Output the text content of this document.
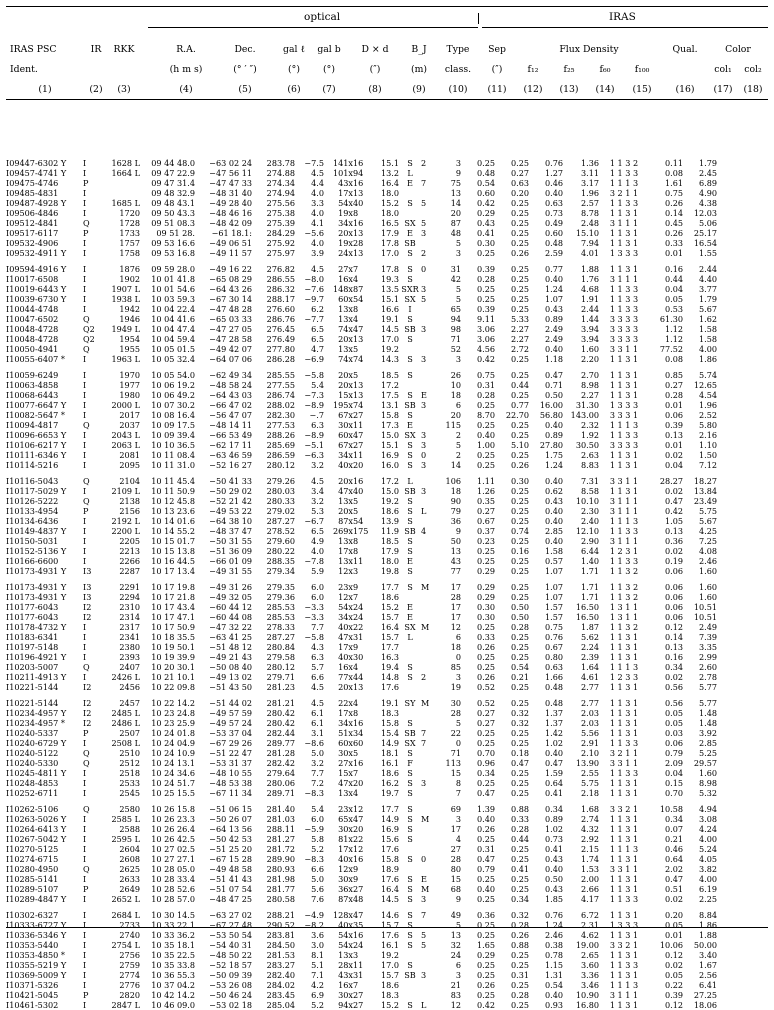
optical	IRAS
IRAS PSC	IR	RKK	R.A.	Dec.	gal ℓ	gal b	D × d	B_J	Type	Sep	Flux Density	Qual.	Color
Ident.	(h m s)	(° ′ ″)	(°)	(°)	(″)	(m)	class.	(″)	f₁₂	f₂₅	f₆₀	f₁₀₀	col₁	col₂
(1)	(2)	(3)	(4)	(5)	(6)	(7)	(8)	(9)	(10)	(11)	(12)	(13)	(14)	(15)	(16)	(17)	(18)
I09447-6302 Y	I	1628 L	09 44 48.0	−63 02 24	283.78	−7.5	141x	16	15.1	S	2	3	0.25	0.25	0.76	1.36	1 1 3 2	0.11	1.79
I09457-4741 Y	I	1664 L	09 47 22.9	−47 56 11	274.88	4.5	101x	94	13.2	L		9	0.48	0.27	1.27	3.11	1 1 3 3	0.08	2.45
I09475-4746	P		09 47 31.4	−47 47 33	274.34	4.4	43x	16	16.4	E	7	75	0.54	0.63	0.46	3.17	1 1 1 3	1.61	6.89
I09485-4831	I		09 48 32.9	−48 31 40	274.94	4.0	17x	13	18.0			13	0.60	0.20	0.40	1.96	3 2 1 1	0.75	4.90
I09487-4928 Y	I	1685 L	09 48 43.1	−49 28 40	275.56	3.3	54x	40	15.2	S	5	14	0.42	0.25	0.63	2.57	1 1 3 3	0.26	4.38
I09506-4846	I	1720	09 50 43.3	−48 46 16	275.38	4.0	19x	8	18.0			20	0.29	0.25	0.73	8.78	1 1 3 1	0.14	12.03
I09512-4841	Q	1728	09 51 08.3	−48 42 09	275.39	4.1	34x	16	16.5	SX	5	87	0.43	0.25	0.49	2.48	3 1 1 1	0.45	5.06
I09517-6117	P	1733	09 51 28.	−61 18.1:	284.29	−5.6	20x	13	17.9	E	3	48	0.41	0.25	0.60	15.10	1 1 3 1	0.26	25.17
I09532-4906	I	1757	09 53 16.6	−49 06 51	275.92	4.0	19x	28	17.8	SB		5	0.30	0.25	0.48	7.94	1 1 3 1	0.33	16.54
I09532-4911 Y	I	1758	09 53 16.8	−49 11 57	275.97	3.9	24x	13	17.0	S	2	3	0.25	0.26	2.59	4.01	1 3 3 3	0.01	1.55

I09594-4916 Y	I	1876	09 59 28.0	−49 16 22	276.82	4.5	27x	7	17.8	S	0	31	0.39	0.25	0.77	1.88	1 1 3 1	0.16	2.44
I10017-6508	I	1902	10 01 41.8	−65 08 29	286.55	−8.0	16x	4	19.3	S		42	0.28	0.25	0.40	1.76	3 1 1 1	0.44	4.40
I10019-6443 Y	I	1907 L	10 01 54.6	−64 43 26	286.32	−7.6	148x	87	13.5	SXR	3	5	0.25	0.25	1.24	4.68	1 1 3 3	0.04	3.77
I10039-6730 Y	I	1938 L	10 03 59.3	−67 30 14	288.17	−9.7	60x	54	15.1	SX	5	5	0.25	0.25	1.07	1.91	1 1 3 3	0.05	1.79
I10044-4748	I	1942	10 04 22.4	−47 48 28	276.60	6.2	13x	8	16.6	I		65	0.39	0.25	0.43	2.44	1 1 3 3	0.53	5.67
I10047-6502	Q	1946	10 04 41.6	−65 03 33	286.76	−7.7	13x	4	19.1	S		94	9.11	5.33	0.89	1.44	3 3 3 3	61.30	1.62
I10048-4728	Q2	1949 L	10 04 47.4	−47 27 05	276.45	6.5	74x	47	14.5	SB	3	98	3.06	2.27	2.49	3.94	3 3 3 3	1.12	1.58
I10048-4728	Q2	1954	10 04 59.4	−47 28 58	276.49	6.5	20x	13	17.0	S		71	3.06	2.27	2.49	3.94	3 3 3 3	1.12	1.58
I10050-4941	Q	1955	10 05 01.5	−49 42 07	277.80	4.7	13x	5	19.2			52	4.56	2.72	0.40	1.60	3 3 1 1	77.52	4.00
I10055-6407 *	I	1963 L	10 05 32.4	−64 07 06	286.28	−6.9	74x	74	14.3	S	3	3	0.42	0.25	1.18	2.20	1 1 3 1	0.08	1.86

I10059-6249	I	1970	10 05 54.0	−62 49 34	285.55	−5.8	20x	5	18.5	S		26	0.75	0.25	0.47	2.70	1 1 3 1	0.85	5.74
I10063-4858	I	1977	10 06 19.2	−48 58 24	277.55	5.4	20x	13	17.2			10	0.31	0.44	0.71	8.98	1 1 3 1	0.27	12.65
I10068-6443	I	1980	10 06 49.2	−64 43 03	286.74	−7.3	15x	13	17.5	S	E	18	0.28	0.25	0.50	2.27	1 1 3 1	0.28	4.54
I10077-6647 Y	I	2000 L	10 07 30.2	−66 47 02	288.02	−8.9	195x	74	13.1	SB	3	6	0.25	0.77	16.00	31.30	1 3 3 3	0.01	1.96
I10082-5647 *	I	2017	10 08 16.4	−56 47 07	282.30	−.7	67x	27	15.8	S		20	8.70	22.70	56.80	143.00	3 3 3 1	0.06	2.52
I10094-4817	Q	2037	10 09 17.5	−48 14 11	277.53	6.3	30x	11	17.3	E		115	0.25	0.25	0.40	2.32	1 1 1 3	0.39	5.80
I10096-6653 Y	I	2043 L	10 09 39.4	−66 53 49	288.26	−8.9	60x	47	15.0	SX	3	2	0.40	0.25	0.89	1.92	1 1 3 3	0.13	2.16
I10106-6217 Y	I	2063 L	10 10 36.5	−62 17 11	285.69	−5.1	67x	27	15.1	S	3	5	1.00	5.10	27.80	30.50	3 3 3 3	0.01	1.10
I10111-6346 Y	I	2081	10 11 08.4	−63 46 59	286.59	−6.3	34x	11	16.9	S	0	2	0.25	0.25	1.75	2.63	1 1 3 1	0.02	1.50
I10114-5216	I	2095	10 11 31.0	−52 16 27	280.12	3.2	40x	20	16.0	S	3	14	0.25	0.26	1.24	8.83	1 1 3 1	0.04	7.12

I10116-5043	Q	2104	10 11 45.4	−50 41 33	279.26	4.5	20x	16	17.2	L		106	1.11	0.30	0.40	7.31	3 3 1 1	28.27	18.27
I10117-5029 Y	I	2109 L	10 11 50.9	−50 29 02	280.03	3.4	47x	40	15.0	SB	3	18	1.26	0.25	0.62	8.58	1 1 3 1	0.02	13.84
I10126-5222	Q	2138	10 12 45.8	−52 21 42	280.33	3.2	13x	5	19.2	S		90	0.35	0.25	0.43	10.10	3 1 1 1	0.47	23.49
I10133-4954	P	2156	10 13 23.6	−49 53 22	279.02	5.3	20x	5	18.6	S	L	79	0.27	0.25	0.40	2.30	3 1 1 1	0.42	5.75
I10134-6436	I	2192 L	10 14 01.6	−64 38 10	287.27	−6.7	87x	54	13.9	S		36	0.67	0.25	0.40	2.40	1 1 1 3	1.05	5.67
I10149-4837 Y	I	2200 L	10 14 55.2	−48 37 47	278.52	6.5	269x	175	11.9	SB	4	9	0.37	0.74	2.85	12.10	1 1 3 3	0.13	4.25
I10150-5031	I	2205	10 15 01.7	−50 31 55	279.60	4.9	13x	8	18.5	S		50	0.23	0.25	0.40	2.90	3 1 1 1	0.36	7.25
I10152-5136 Y	I	2213	10 15 13.8	−51 36 09	280.22	4.0	17x	8	17.9	S		13	0.25	0.16	1.58	6.44	1 2 3 1	0.02	4.08
I10166-6600	I	2266	10 16 44.5	−66 01 09	288.35	−7.8	13x	11	18.0	E		43	0.25	0.25	0.57	1.40	1 1 3 3	0.19	2.46
I10173-4931 Y	I3	2287	10 17 13.4	−49 31 55	279.34	5.9	12x	3	19.8	S		77	0.29	0.25	1.07	1.71	1 1 3 2	0.06	1.60

I10173-4931 Y	I3	2291	10 17 19.8	−49 31 26	279.35	6.0	23x	9	17.7	S	M	17	0.29	0.25	1.07	1.71	1 1 3 2	0.06	1.60
I10173-4931 Y	I3	2294	10 17 21.8	−49 32 05	279.36	6.0	12x	7	18.6			28	0.29	0.25	1.07	1.71	1 1 3 2	0.06	1.60
I10177-6043	I2	2310	10 17 43.4	−60 44 12	285.53	−3.3	54x	24	15.2	E		17	0.30	0.50	1.57	16.50	1 3 1 1	0.06	10.51
I10177-6043	I2	2314	10 17 47.1	−60 44 08	285.53	−3.3	34x	24	15.7	E		17	0.30	0.50	1.57	16.50	1 3 1 1	0.06	10.51
I10178-4732 Y	I	2317	10 17 50.9	−47 32 22	278.33	7.7	40x	22	16.4	SX	M	12	0.25	0.28	0.75	1.87	1 1 3 2	0.12	2.49
I10183-6341	I	2341	10 18 35.5	−63 41 25	287.27	−5.8	47x	31	15.7	L		6	0.33	0.25	0.76	5.62	1 1 3 1	0.14	7.39
I10197-5148	I	2380	10 19 50.1	−51 48 12	280.84	4.3	17x	9	17.7			18	0.26	0.25	0.67	2.24	1 1 3 1	0.13	3.35
I10196-4921 Y	I	2393	10 19 39.9	−49 21 43	279.58	6.3	40x	30	16.3			0	0.25	0.25	0.80	2.39	1 1 3 1	0.16	2.99
I10203-5007	Q	2407	10 20 30.1	−50 08 40	280.12	5.7	16x	4	19.4	S		85	0.25	0.54	0.63	1.64	1 1 1 3	0.34	2.60
I10211-4913 Y	I	2426 L	10 21 10.1	−49 13 02	279.71	6.6	77x	44	14.8	S	2	3	0.26	0.21	1.66	4.61	1 2 3 3	0.02	2.78
I10221-5144	I2	2456	10 22 09.8	−51 43 50	281.23	4.5	20x	13	17.6			19	0.52	0.25	0.48	2.77	1 1 3 1	0.56	5.77

I10221-5144	I2	2457	10 22 14.2	−51 44 02	281.21	4.5	22x	4	19.1	SY	M	30	0.52	0.25	0.48	2.77	1 1 3 1	0.56	5.77
I10234-4957 Y	I2	2485 L	10 23 24.8	−49 57 59	280.42	6.1	17x	8	18.3			28	0.27	0.32	1.37	2.03	1 1 3 1	0.05	1.48
I10234-4957 *	I2	2486 L	10 23 25.9	−49 57 24	280.42	6.1	34x	16	15.8	S		5	0.27	0.32	1.37	2.03	1 1 3 1	0.05	1.48
I10240-5337	P	2507	10 24 01.8	−53 37 04	282.44	3.1	51x	34	15.4	SB	7	22	0.25	0.25	1.42	5.56	1 1 3 1	0.03	3.92
I10240-6729 Y	I	2508 L	10 24 04.9	−67 29 26	289.77	−8.6	60x	60	14.9	SX	7	0	0.25	0.25	1.02	2.91	1 1 3 3	0.06	2.85
I10240-5122	Q	2510	10 24 10.9	−51 22 47	281.28	5.0	30x	5	18.1	S		71	0.70	0.18	0.40	2.10	3 2 1 1	0.79	5.25
I10240-5330	Q	2512	10 24 13.1	−53 31 37	282.42	3.2	27x	16	16.1	F		113	0.96	0.47	0.47	13.90	3 3 1 1	2.09	29.57
I10245-4811 Y	I	2518	10 24 34.6	−48 10 55	279.64	7.7	15x	7	18.6	S		15	0.34	0.25	1.59	2.55	1 1 3 3	0.04	1.60
I10248-4853	I	2533	10 24 51.7	−48 53 38	280.06	7.2	47x	20	16.2	S	3	8	0.25	0.25	0.64	5.75	1 1 3 1	0.15	8.98
I10252-6711	I	2545	10 25 15.5	−67 11 34	289.71	−8.3	13x	4	19.7	S		7	0.47	0.25	0.41	2.18	1 1 3 1	0.70	5.32

I10262-5106	Q	2580	10 26 15.8	−51 06 15	281.40	5.4	23x	12	17.7	S		69	1.39	0.88	0.34	1.68	3 3 2 1	10.58	4.94
I10263-5026 Y	I	2585 L	10 26 23.3	−50 26 07	281.03	6.0	65x	47	14.9	S	M	3	0.40	0.33	0.89	2.74	1 1 3 1	0.34	3.08
I10264-6413 Y	I	2588	10 26 26.4	−64 13 56	288.11	−5.9	30x	20	16.9	S		17	0.26	0.28	1.02	4.32	1 1 3 1	0.07	4.24
I10267-5042 Y	I	2595 L	10 26 42.5	−50 42 53	281.27	5.8	81x	22	15.6	S		4	0.25	0.44	0.73	2.92	1 1 3 1	0.21	4.00
I10270-5125	I	2604	10 27 02.5	−51 25 20	281.72	5.2	17x	12	17.6			27	0.31	0.25	0.41	2.15	1 1 1 3	0.46	5.24
I10274-6715	I	2608	10 27 27.1	−67 15 28	289.90	−8.3	40x	16	15.8	S	0	28	0.47	0.25	0.43	1.74	1 1 3 1	0.64	4.05
I10280-4950	Q	2625	10 28 05.0	−49 48 58	280.93	6.6	12x	9	18.9			80	0.79	0.41	0.40	1.53	3 3 1 1	2.02	3.82
I10285-5141	I	2633	10 28 33.4	−51 41 43	281.98	5.0	30x	9	17.6	S	E	15	0.25	0.25	0.50	2.00	1 1 3 1	0.47	4.00
I10289-5107	P	2649	10 28 52.6	−51 07 54	281.77	5.6	36x	27	16.4	S	M	68	0.40	0.25	0.43	2.66	1 1 3 1	0.51	6.19
I10289-4847 Y	I	2652 L	10 28 57.0	−48 47 25	280.58	7.6	87x	48	14.5	S	3	9	0.25	0.34	1.85	4.17	1 1 3 3	0.02	2.25

I10302-6327	I	2684 L	10 30 14.5	−63 27 02	288.21	−4.9	128x	47	14.6	S	7	49	0.36	0.32	0.76	6.72	1 1 3 1	0.20	8.84
I10333-6727 Y	I	2733	10 33 22.1	−67 27 48	290.52	−8.2	40x	35	15.7	S		5	0.25	0.28	1.24	2.31	1 3 3 3	0.05	1.86
I10336-5346 Y	I	2740	10 33 36.2	−53 50 54	283.81	3.6	54x	16	17.6	S	5	13	0.25	0.26	2.46	4.62	1 1 3 1	0.01	1.88
I10353-5440	I	2754 L	10 35 18.1	−54 40 31	284.50	3.0	54x	24	16.1	S	5	32	1.65	0.88	0.38	19.00	3 3 2 1	10.06	50.00
I10353-4850 *	I	2756	10 35 22.5	−48 50 22	281.53	8.1	13x	3	19.2			24	0.29	0.25	0.78	2.65	1 1 3 1	0.12	3.40
I10355-5219 Y	I	2759	10 35 33.8	−52 18 57	283.27	5.1	28x	11	17.0	S		6	0.25	0.25	1.15	3.60	1 1 3 3	0.02	1.67
I10369-5009 Y	I	2774	10 36 55.3	−50 09 39	282.40	7.1	43x	31	15.7	SB	3	3	0.25	0.31	1.31	3.36	1 1 3 1	0.05	2.56
I10371-5326	I	2776	10 37 04.2	−53 26 08	284.02	4.2	16x	7	18.6			21	0.26	0.25	0.54	3.46	1 1 1 3	0.22	6.41
I10421-5045	P	2820	10 42 14.2	−50 46 24	283.45	6.9	30x	27	18.3			83	0.25	0.28	0.40	10.90	3 1 1 1	0.39	27.25
I10461-5302	I	2847 L	10 46 09.0	−53 02 18	285.04	5.2	94x	27	15.2	S	L	12	0.42	0.25	0.93	16.80	1 1 3 1	0.12	18.06
